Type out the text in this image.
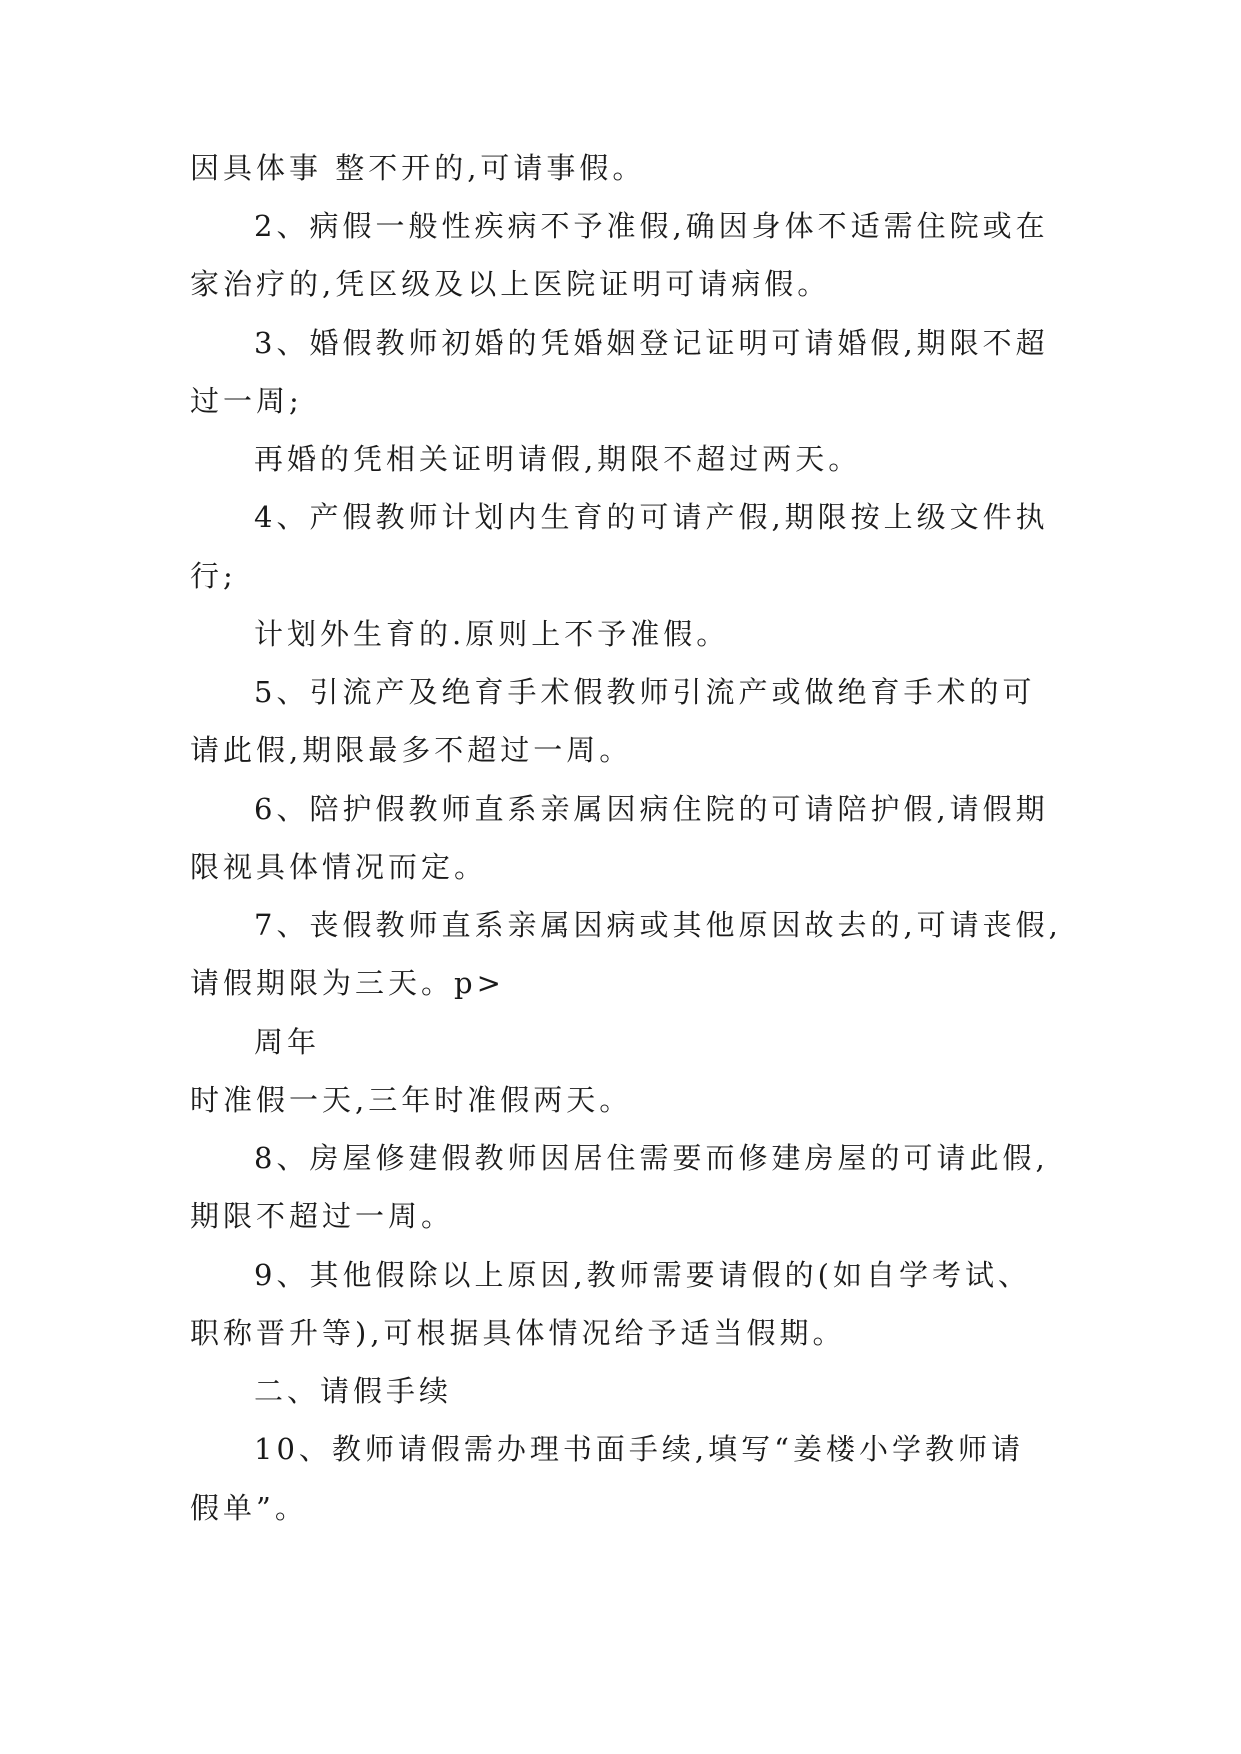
因具体事 整不开的,可请事假。
2、病假一般性疾病不予准假,确因身体不适需住院或在
家治疗的,凭区级及以上医院证明可请病假。
3、婚假教师初婚的凭婚姻登记证明可请婚假,期限不超
过一周;
再婚的凭相关证明请假,期限不超过两天。
4、产假教师计划内生育的可请产假,期限按上级文件执
行;
计划外生育的.原则上不予准假。
5、引流产及绝育手术假教师引流产或做绝育手术的可
请此假,期限最多不超过一周。
6、陪护假教师直系亲属因病住院的可请陪护假,请假期
限视具体情况而定。
7、丧假教师直系亲属因病或其他原因故去的,可请丧假,
请假期限为三天。p>
周年
时准假一天,三年时准假两天。
8、房屋修建假教师因居住需要而修建房屋的可请此假,
期限不超过一周。
9、其他假除以上原因,教师需要请假的(如自学考试、
职称晋升等),可根据具体情况给予适当假期。
二、请假手续
10、教师请假需办理书面手续,填写“姜楼小学教师请
假单”。
